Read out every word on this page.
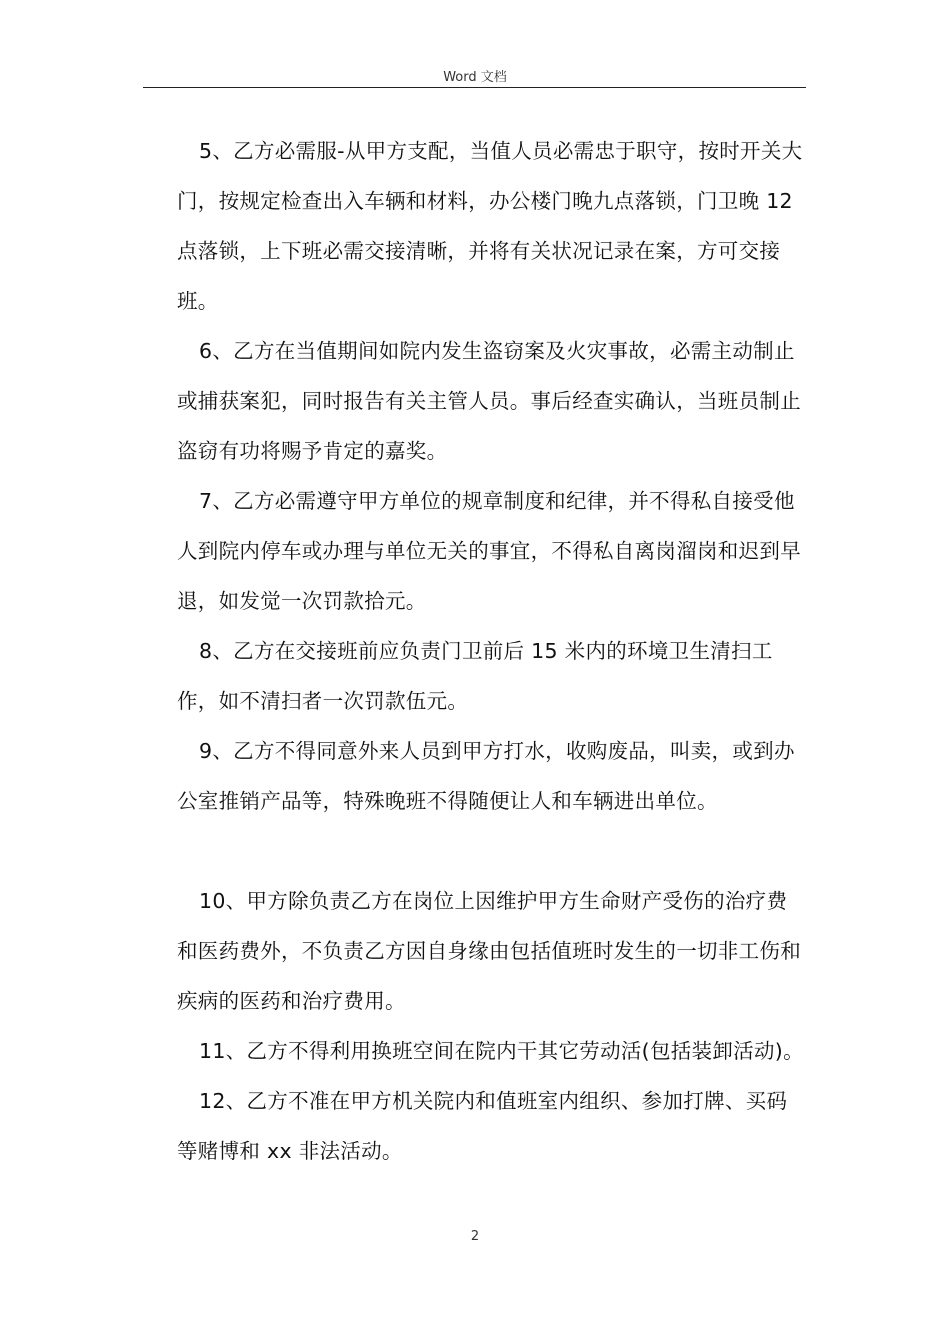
Word 文档

5、乙方必需服-从甲方支配，当值人员必需忠于职守，按时开关大门，按规定检查出入车辆和材料，办公楼门晚九点落锁，门卫晚 12 点落锁，上下班必需交接清晰，并将有关状况记录在案，方可交接班。

6、乙方在当值期间如院内发生盗窃案及火灾事故，必需主动制止或捕获案犯，同时报告有关主管人员。事后经查实确认，当班员制止盗窃有功将赐予肯定的嘉奖。

7、乙方必需遵守甲方单位的规章制度和纪律，并不得私自接受他人到院内停车或办理与单位无关的事宜，不得私自离岗溜岗和迟到早退，如发觉一次罚款拾元。

8、乙方在交接班前应负责门卫前后 15 米内的环境卫生清扫工作，如不清扫者一次罚款伍元。

9、乙方不得同意外来人员到甲方打水，收购废品，叫卖，或到办公室推销产品等，特殊晚班不得随便让人和车辆进出单位。

10、甲方除负责乙方在岗位上因维护甲方生命财产受伤的治疗费和医药费外，不负责乙方因自身缘由包括值班时发生的一切非工伤和疾病的医药和治疗费用。

11、乙方不得利用换班空间在院内干其它劳动活(包括装卸活动)。

12、乙方不准在甲方机关院内和值班室内组织、参加打牌、买码等赌博和 xx 非法活动。

2
